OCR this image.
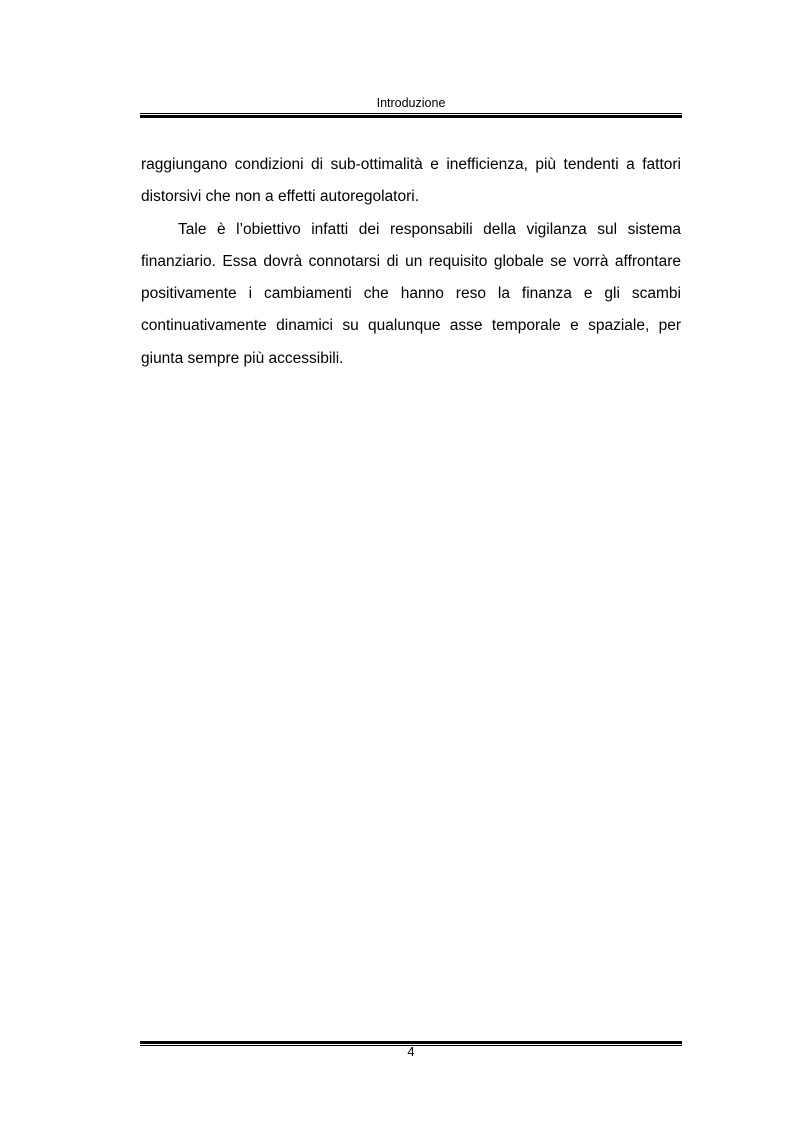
Introduzione

raggiungano condizioni di sub-ottimalità e inefficienza, più tendenti a fattori distorsivi che non a effetti autoregolatori.

Tale è l’obiettivo infatti dei responsabili della vigilanza sul sistema finanziario. Essa dovrà connotarsi di un requisito globale se vorrà affrontare positivamente i cambiamenti che hanno reso la finanza e gli scambi continuativamente dinamici su qualunque asse temporale e spaziale, per giunta sempre più accessibili.

4
